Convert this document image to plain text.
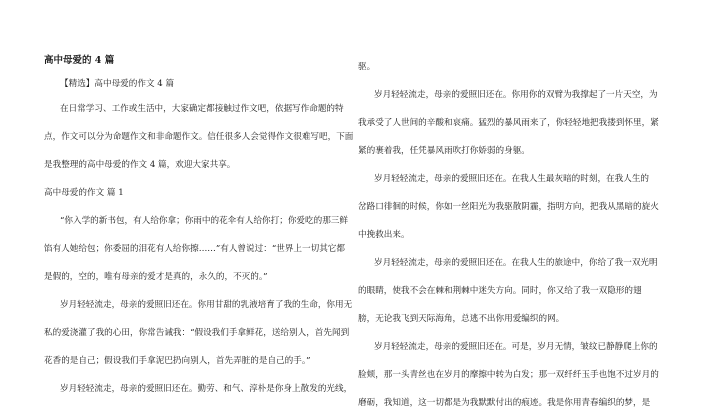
高中母爱的 4 篇
【精选】高中母爱的作文 4 篇
在日常学习、工作或生活中，大家确定都接触过作文吧，依据写作命题的特
点，作文可以分为命题作文和非命题作文。信任很多人会觉得作文很难写吧，下面
是我整理的高中母爱的作文 4 篇，欢迎大家共享。
高中母爱的作文 篇 1
“你入学的新书包，有人给你拿；你雨中的花伞有人给你打；你爱吃的那三鲜
馅有人她给包；你委屈的泪花有人给你擦……”有人曾说过：“世界上一切其它都
是假的，空的，唯有母亲的爱才是真的，永久的，不灭的。”
岁月轻轻流走，母亲的爱照旧还在。你用甘甜的乳液培育了我的生命，你用无
私的爱浇灌了我的心田，你常告诫我：“假设我们手拿鲜花，送给别人，首先闻到
花香的是自己；假设我们手拿泥巴扔向别人，首先弄脏的是自己的手。”
岁月轻轻流走，母亲的爱照旧还在。勤劳、和气、淳朴是你身上散发的光线，
驱。
岁月轻轻流走，母亲的爱照旧还在。你用你的双臂为我撑起了一片天空，为
我承受了人世间的辛酸和哀痛。猛烈的暴风雨来了，你轻轻地把我搂到怀里，紧
紧的裹着我，任凭暴风雨吹打你娇弱的身躯。
岁月轻轻流走，母亲的爱照旧还在。在我人生最灰暗的时刻，在我人生的
岔路口徘徊的时候，你如一丝阳光为我驱散阴霾，指明方向，把我从黑暗的旋火
中挽救出来。
岁月轻轻流走，母亲的爱照旧还在。在我人生的旅途中，你给了我一双光明
的眼睛，使我不会在棘和荆棘中迷失方向。同时，你又给了我一双隐形的翅
膀，无论我飞到天际海角，总逃不出你用爱编织的网。
岁月轻轻流走，母亲的爱照旧还在。可是，岁月无情，皱纹已静静爬上你的
脸颊，那一头青丝也在岁月的摩擦中转为白发；那一双纤纤玉手也饱不过岁月的
磨砺，我知道，这一切都是为我默默付出的痕迹。我是你用青春编织的梦，是
